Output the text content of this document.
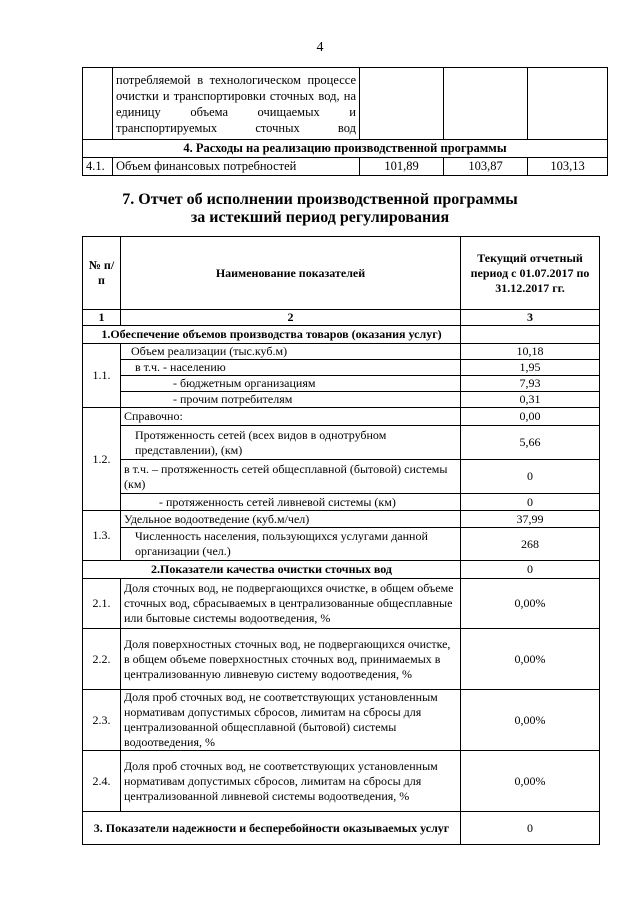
4

	потребляемой в технологическом процессе очистки и транспортировки сточных вод, на единицу объема очищаемых и транспортируемых сточных вод			

4. Расходы на реализацию производственной программы				
4.1.	Объем финансовых потребностей	101,89	103,87	103,13
7. Отчет об исполнении производственной программы
за истекший период регулирования
№ п/п	Наименование показателей	Текущий отчетный период с 01.07.2017 по 31.12.2017 гг.
1	2	3
1.Обеспечение объемов производства товаров (оказания услуг)		
1.1.	Объем реализации (тыс.куб.м)	10,18
	в т.ч. - населению	1,95
	- бюджетным организациям	7,93
	- прочим потребителям	0,31
1.2.	Справочно:	0,00
	Протяженность сетей (всех видов в однотрубном представлении), (км)	5,66
	в т.ч. – протяженность сетей общесплавной (бытовой) системы (км)	0
	- протяженность сетей ливневой системы (км)	0
1.3.	Удельное водоотведение (куб.м/чел)	37,99
	Численность населения, пользующихся услугами данной организации (чел.)	268
2.Показатели качества очистки сточных вод		0
2.1.	Доля сточных вод, не подвергающихся очистке, в общем объеме сточных вод, сбрасываемых в централизованные общесплавные или бытовые системы водоотведения, %	0,00%
2.2.	Доля поверхностных сточных вод, не подвергающихся очистке, в общем объеме поверхностных сточных вод, принимаемых в централизованную ливневую систему водоотведения, %	0,00%
2.3.	Доля проб сточных вод, не соответствующих установленным нормативам допустимых сбросов, лимитам на сбросы для централизованной общесплавной (бытовой) системы водоотведения, %	0,00%
2.4.	Доля проб сточных вод, не соответствующих установленным нормативам допустимых сбросов, лимитам на сбросы для централизованной ливневой системы водоотведения, %	0,00%
3. Показатели надежности и бесперебойности оказываемых услуг		0
